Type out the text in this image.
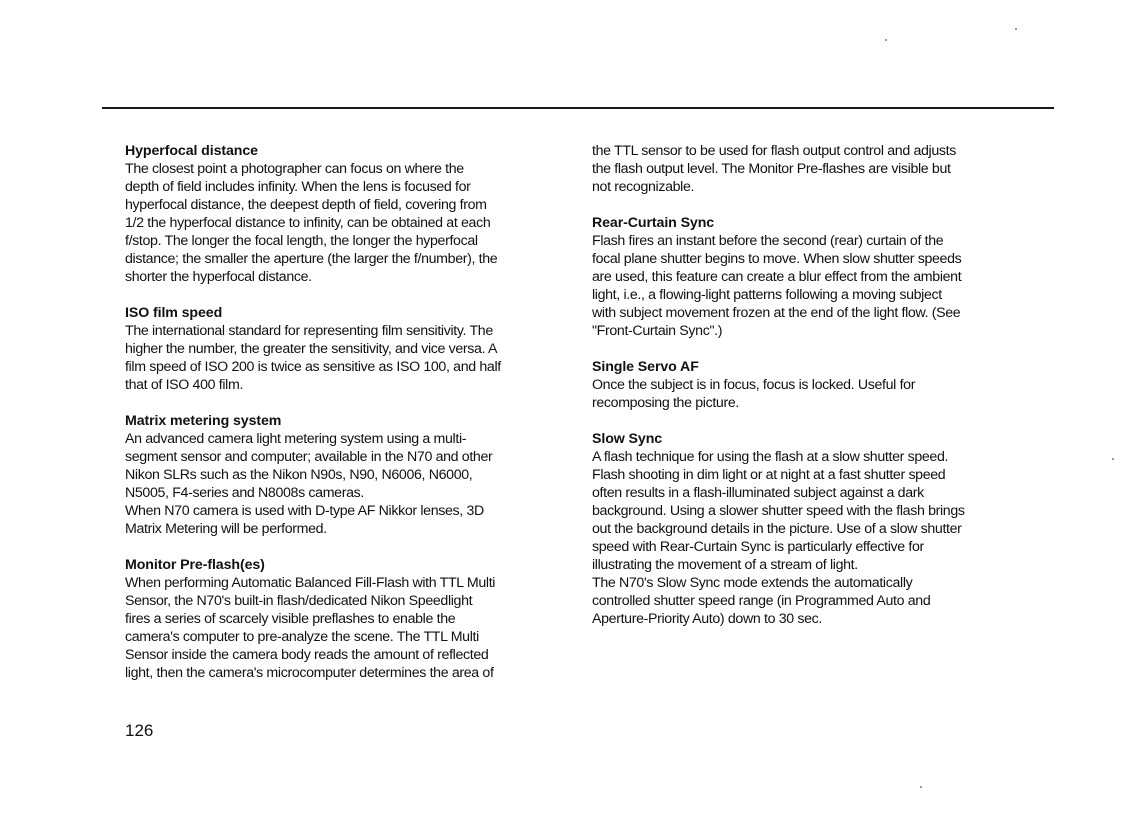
Hyperfocal distance

The closest point a photographer can focus on where the
depth of field includes infinity. When the lens is focused for
hyperfocal distance, the deepest depth of field, covering from
1/2 the hyperfocal distance to infinity, can be obtained at each
f/stop. The longer the focal length, the longer the hyperfocal
distance; the smaller the aperture (the larger the f/number), the
shorter the hyperfocal distance.

ISO film speed

The international standard for representing film sensitivity. The
higher the number, the greater the sensitivity, and vice versa. A
film speed of ISO 200 is twice as sensitive as ISO 100, and half
that of ISO 400 film.

Matrix metering system

An advanced camera light metering system using a multi-
segment sensor and computer; available in the N70 and other
Nikon SLRs such as the Nikon N90s, N90, N6006, N6000,
N5005, F4-series and N8008s cameras.
When N70 camera is used with D-type AF Nikkor lenses, 3D
Matrix Metering will be performed.

Monitor Pre-flash(es)

When performing Automatic Balanced Fill-Flash with TTL Multi
Sensor, the N70's built-in flash/dedicated Nikon Speedlight
fires a series of scarcely visible preflashes to enable the
camera's computer to pre-analyze the scene. The TTL Multi
Sensor inside the camera body reads the amount of reflected
light, then the camera's microcomputer determines the area of

the TTL sensor to be used for flash output control and adjusts
the flash output level. The Monitor Pre-flashes are visible but
not recognizable.

Rear-Curtain Sync

Flash fires an instant before the second (rear) curtain of the
focal plane shutter begins to move. When slow shutter speeds
are used, this feature can create a blur effect from the ambient
light, i.e., a flowing-light patterns following a moving subject
with subject movement frozen at the end of the light flow. (See
"Front-Curtain Sync".)

Single Servo AF

Once the subject is in focus, focus is locked. Useful for
recomposing the picture.

Slow Sync

A flash technique for using the flash at a slow shutter speed.
Flash shooting in dim light or at night at a fast shutter speed
often results in a flash-illuminated subject against a dark
background. Using a slower shutter speed with the flash brings
out the background details in the picture. Use of a slow shutter
speed with Rear-Curtain Sync is particularly effective for
illustrating the movement of a stream of light.
The N70's Slow Sync mode extends the automatically
controlled shutter speed range (in Programmed Auto and
Aperture-Priority Auto) down to 30 sec.

126
